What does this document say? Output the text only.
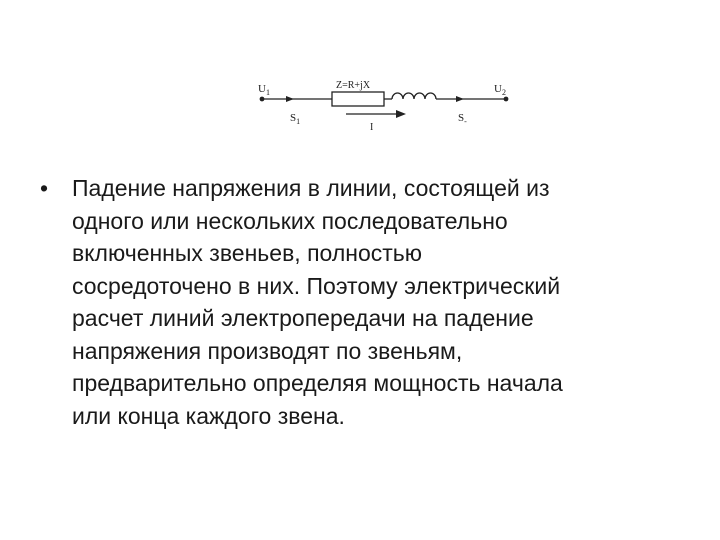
$U_1$	$U_2$
Z=R+jX
$S_1$	$S_-$
I
•	Падение напряжения в линии, состоящей из
одного или нескольких последовательно
включенных звеньев, полностью
сосредоточено в них. Поэтому электрический
расчет линий электропередачи на падение
напряжения производят по звеньям,
предварительно определяя мощность начала
или конца каждого звена.
